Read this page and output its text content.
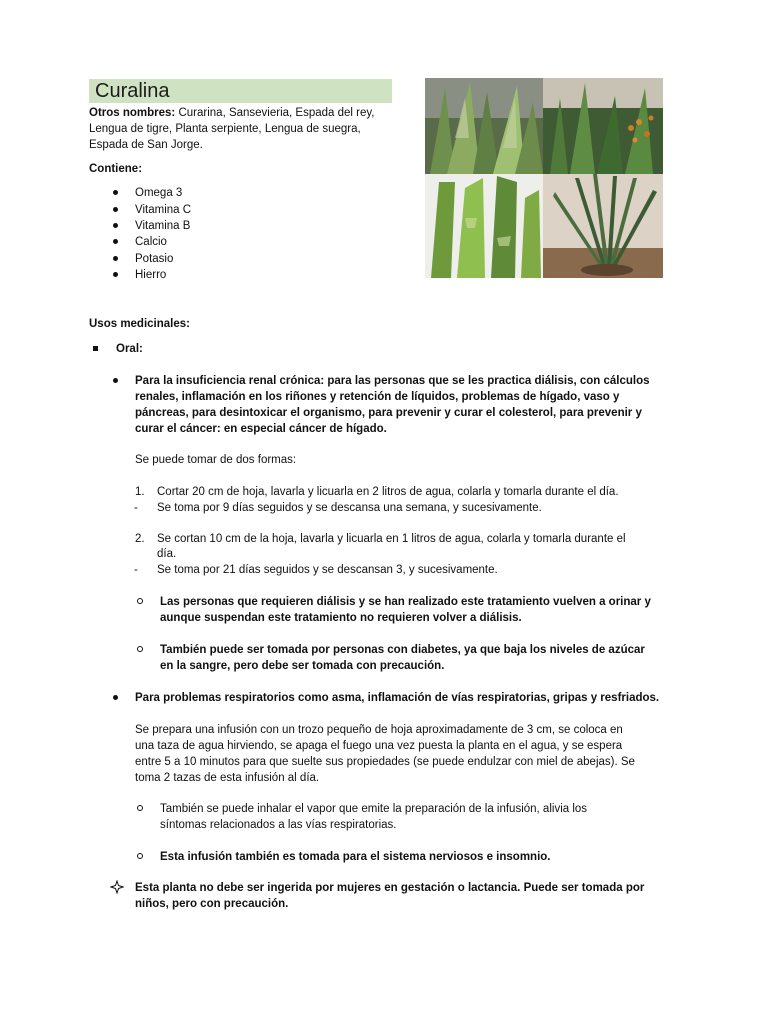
Curalina
Otros nombres: Curarina, Sansevieria, Espada del rey,
Lengua de tigre, Planta serpiente, Lengua de suegra,
Espada de San Jorge.
Contiene:
Omega 3
Vitamina C
Vitamina B
Calcio
Potasio
Hierro
Usos medicinales:
Oral:
Para la insuficiencia renal crónica: para las personas que se les practica diálisis, con cálculos
renales, inflamación en los riñones y retención de líquidos, problemas de hígado, vaso y
páncreas, para desintoxicar el organismo, para prevenir y curar el colesterol, para prevenir y
curar el cáncer: en especial cáncer de hígado.
Se puede tomar de dos formas:
1. Cortar 20 cm de hoja, lavarla y licuarla en 2 litros de agua, colarla y tomarla durante el día.
- Se toma por 9 días seguidos y se descansa una semana, y sucesivamente.
2. Se cortan 10 cm de la hoja, lavarla y licuarla en 1 litros de agua, colarla y tomarla durante el
día.
- Se toma por 21 días seguidos y se descansan 3, y sucesivamente.
Las personas que requieren diálisis y se han realizado este tratamiento vuelven a orinar y
aunque suspendan este tratamiento no requieren volver a diálisis.
También puede ser tomada por personas con diabetes, ya que baja los niveles de azúcar
en la sangre, pero debe ser tomada con precaución.
Para problemas respiratorios como asma, inflamación de vías respiratorias, gripas y resfriados.
Se prepara una infusión con un trozo pequeño de hoja aproximadamente de 3 cm, se coloca en
una taza de agua hirviendo, se apaga el fuego una vez puesta la planta en el agua, y se espera
entre 5 a 10 minutos para que suelte sus propiedades (se puede endulzar con miel de abejas). Se
toma 2 tazas de esta infusión al día.
También se puede inhalar el vapor que emite la preparación de la infusión, alivia los
síntomas relacionados a las vías respiratorias.
Esta infusión también es tomada para el sistema nerviosos e insomnio.
Esta planta no debe ser ingerida por mujeres en gestación o lactancia. Puede ser tomada por
niños, pero con precaución.
